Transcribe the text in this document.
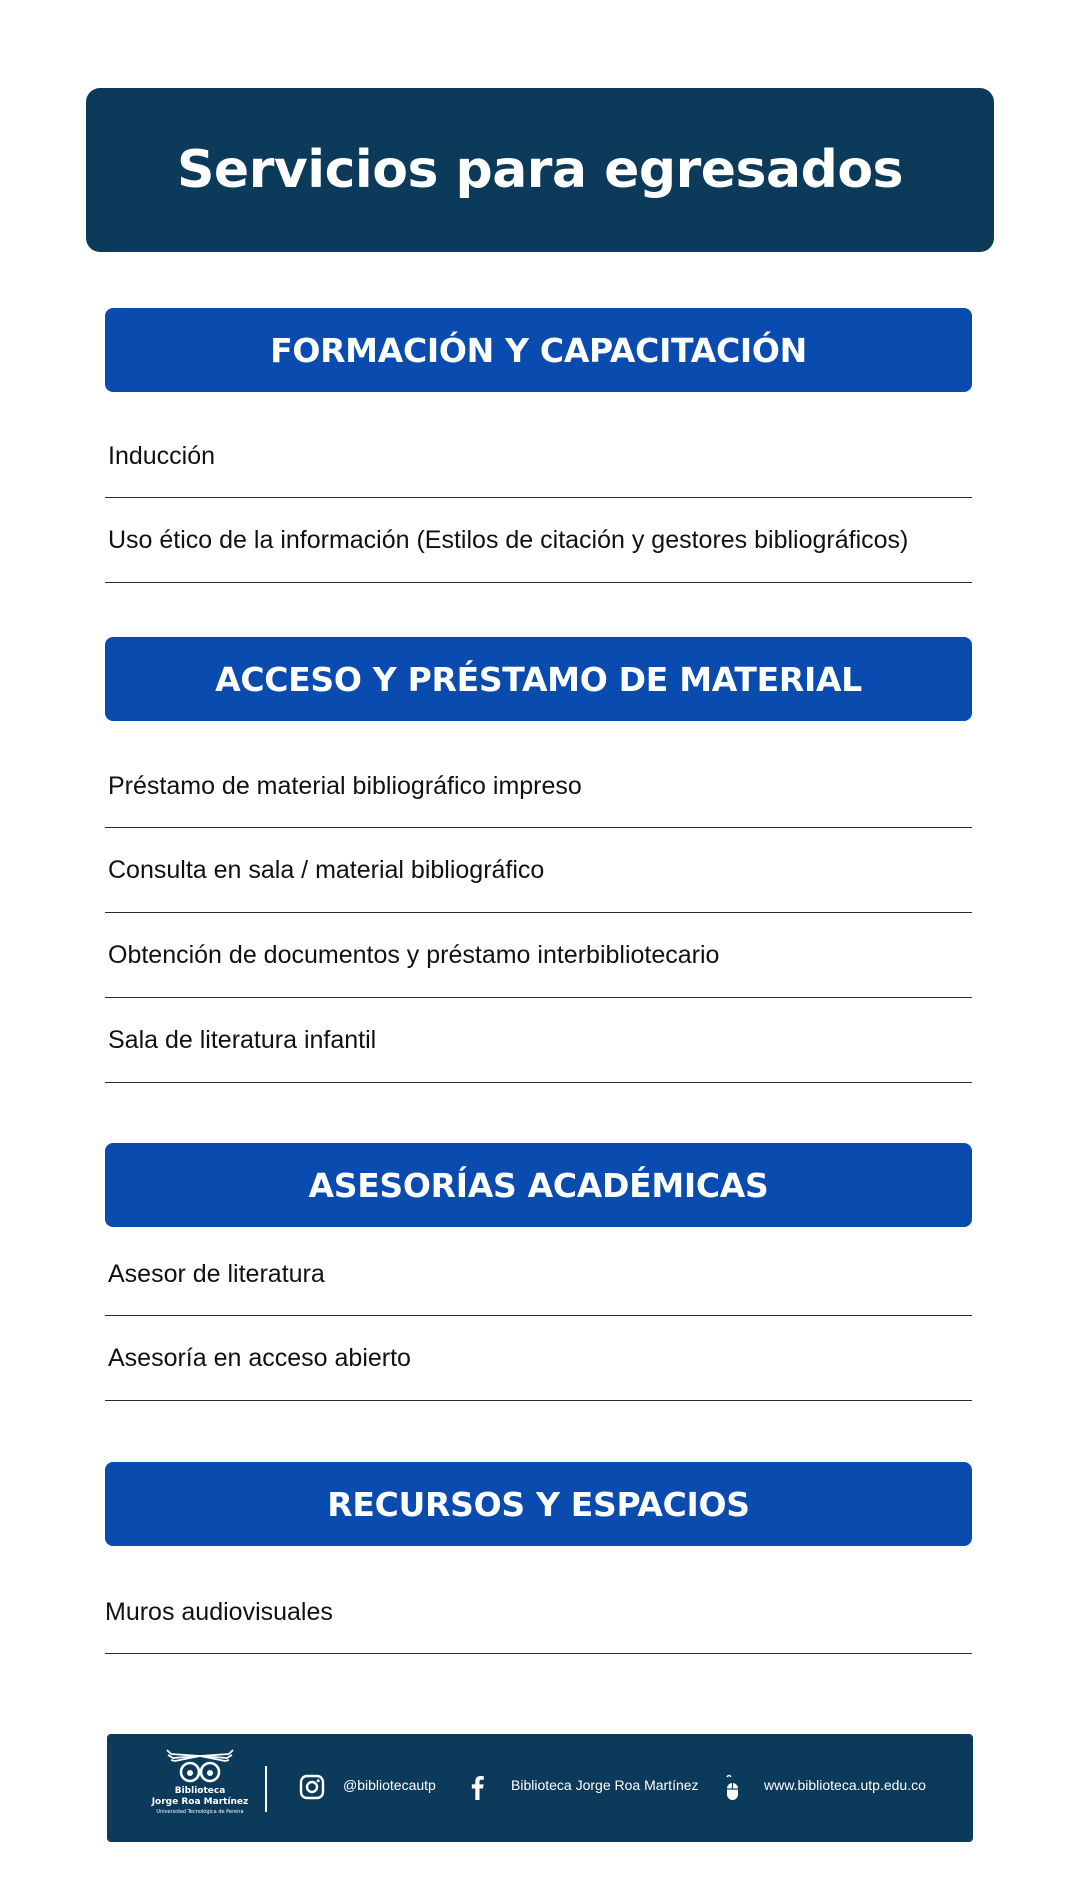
Servicios para egresados
FORMACIÓN Y CAPACITACIÓN
Inducción
Uso ético de la información (Estilos de citación y gestores bibliográficos)
ACCESO Y PRÉSTAMO DE MATERIAL
Préstamo de material bibliográfico impreso
Consulta en sala / material bibliográfico
Obtención de documentos y préstamo interbibliotecario
Sala de literatura infantil
ASESORÍAS ACADÉMICAS
Asesor de literatura
Asesoría en acceso abierto
RECURSOS Y ESPACIOS
Muros audiovisuales
Biblioteca
Jorge Roa Martínez
Universidad Tecnológica de Pereira
@bibliotecautp	Biblioteca Jorge Roa Martínez	www.biblioteca.utp.edu.co
